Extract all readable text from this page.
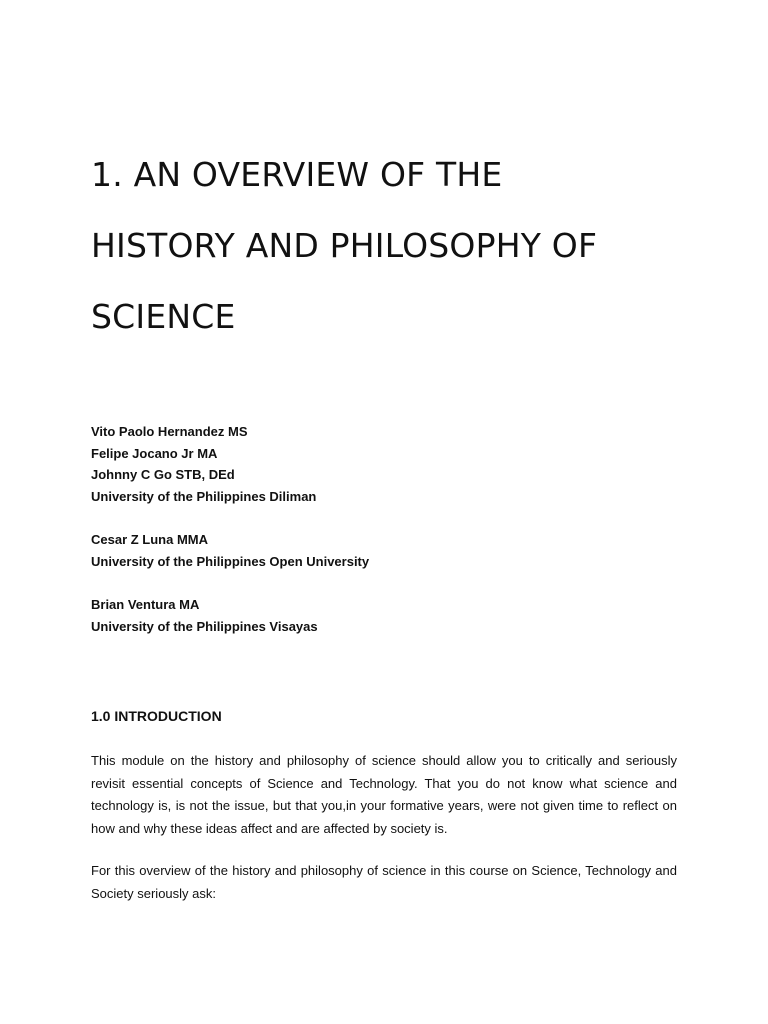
1. AN OVERVIEW OF THE
HISTORY AND PHILOSOPHY OF
SCIENCE
Vito Paolo Hernandez MS
Felipe Jocano Jr MA
Johnny C Go STB, DEd
University of the Philippines Diliman
Cesar Z Luna MMA
University of the Philippines Open University
Brian Ventura MA
University of the Philippines Visayas
1.0 INTRODUCTION
This module on the history and philosophy of science should allow you to critically and seriously revisit essential concepts of Science and Technology. That you do not know what science and technology is, is not the issue, but that you,in your formative years, were not given time to reflect on how and why these ideas affect and are affected by society is.
For this overview of the history and philosophy of science in this course on Science, Technology and Society seriously ask:
